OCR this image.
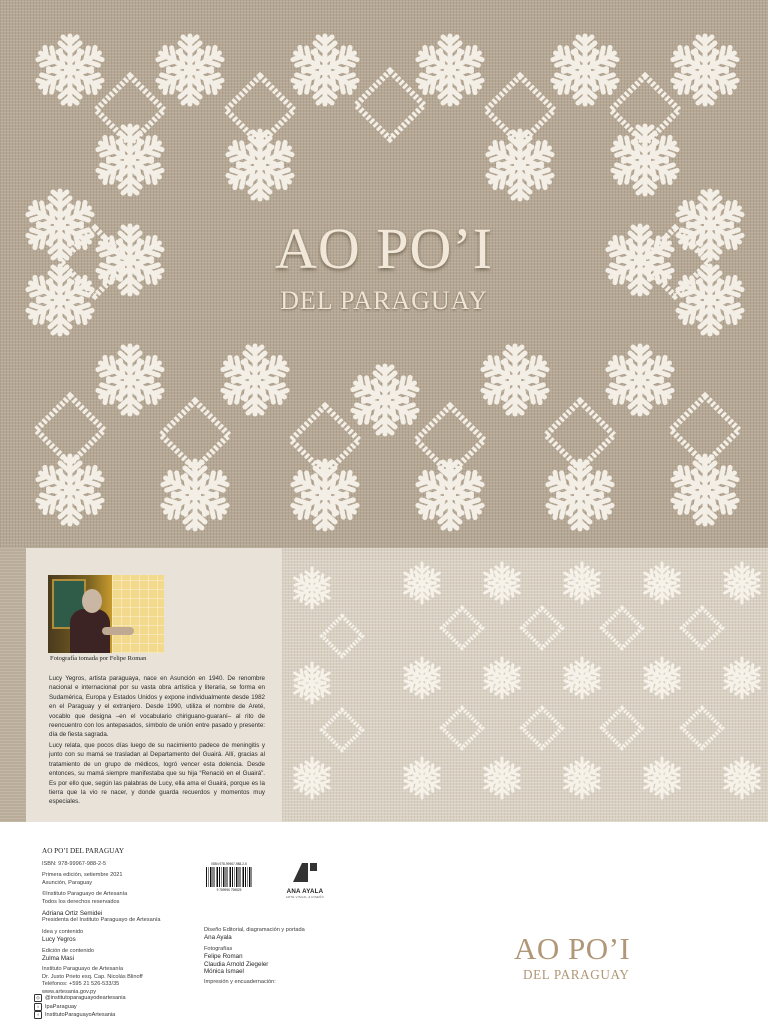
AO PO’I
DEL PARAGUAY
Fotografía tomada por Felipe Roman

Lucy Yegros, artista paraguaya, nace en Asunción en 1940. De renombre nacional e internacional por su vasta obra artística y literaria, se forma en Sudamérica, Europa y Estados Unidos y expone individualmente desde 1982 en el Paraguay y el extranjero. Desde 1990, utiliza el nombre de Areté, vocablo que designa –en el vocabulario chiriguano-guaraní– al rito de reencuentro con los antepasados, símbolo de unión entre pasado y presente: día de fiesta sagrada.

Lucy relata, que pocos días luego de su nacimiento padece de meningitis y junto con su mamá se trasladan al Departamento del Guairá. Allí, gracias al tratamiento de un grupo de médicos, logró vencer esta dolencia. Desde entonces, su mamá siempre manifestaba que su hija “Renació en el Guairá”. Es por ello que, según las palabras de Lucy, ella ama el Guairá, porque es la tierra que la vio re nacer, y donde guarda recuerdos y momentos muy especiales.

AO PO’I DEL PARAGUAY
ISBN: 978-99967-988-2-5
Primera edición, setiembre 2021
Asunción, Paraguay
©Instituto Paraguayo de Artesanía
Todos los derechos reservados
Adriana Ortiz Semidei
Presidenta del Instituto Paraguayo de Artesanía
Idea y contenido
Lucy Yegros
Edición de contenido
Zulma Masi
Instituto Paraguayo de Artesanía
Dr. Justo Prieto esq. Cap. Nicolás Blinoff
Teléfonos: +595 21 526-533/35
www.artesania.gov.py
◎ @institutoparaguayodeartesania
t	IpaParaguay
f	InstitutoParaguayoArtesania
ISBN 978-99967-988-2-5
9 789996 798825	ANA AYALA
ARTE VISUAL & DISEÑO
Diseño Editorial, diagramación y portada
Ana Ayala
Fotografías
Felipe Roman
Claudia Arnold Ziegeler
Mónica Ismael
Impresión y encuadernación:
AO PO’I
DEL PARAGUAY
